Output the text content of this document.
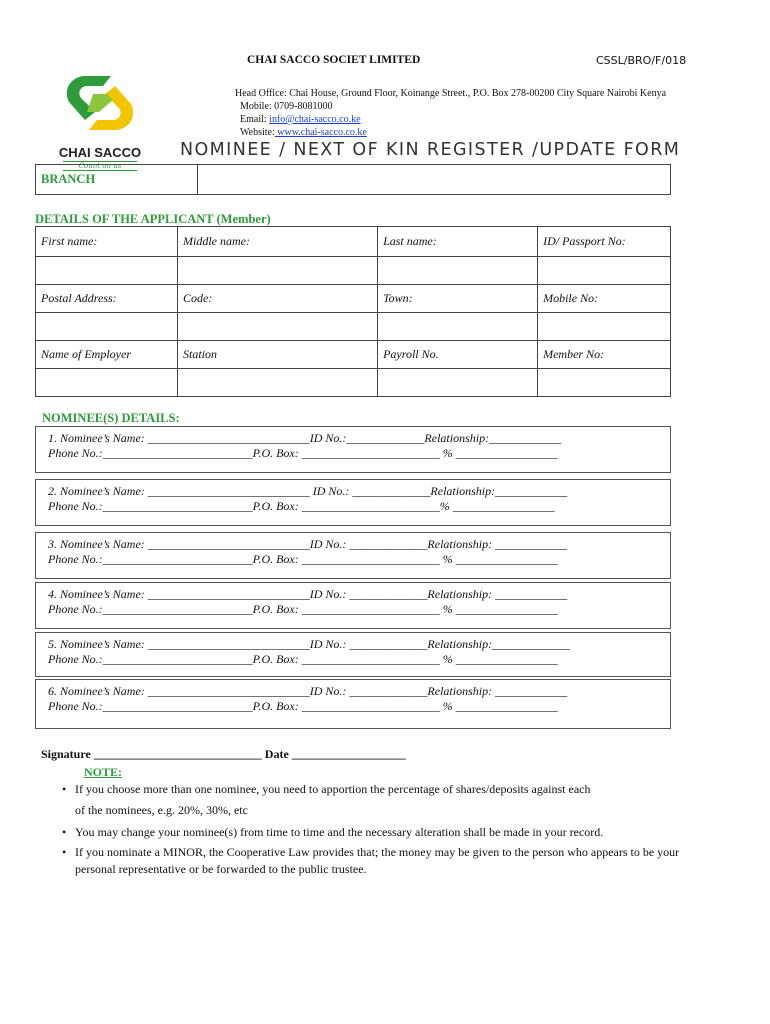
CHAI SACCO
Count on us
CHAI SACCO SOCIET LIMITED	CSSL/BRO/F/018
Head Office: Chai House, Ground Floor, Koinange Street., P.O. Box 278-00200 City Square Nairobi Kenya
Mobile: 0709-8081000
Email: info@chai-sacco.co.ke
Website: www.chai-sacco.co.ke
NOMINEE / NEXT OF KIN REGISTER /UPDATE FORM
BRANCH	
DETAILS OF THE APPLICANT (Member)
First name:	Middle name:	Last name:	ID/ Passport No:

Postal Address:	Code:	Town:	Mobile No:

Name of Employer	Station	Payroll No.	Member No:

NOMINEE(S) DETAILS:
1. Nominee’s Name: ___________________________ID No.:_____________Relationship:____________
Phone No.:_________________________P.O. Box: _______________________ % _________________
2. Nominee’s Name: ___________________________ ID No.: _____________Relationship:____________
Phone No.:_________________________P.O. Box: _______________________% _________________
3. Nominee’s Name: ___________________________ID No.: _____________Relationship: ____________
Phone No.:_________________________P.O. Box: _______________________ % _________________
4. Nominee’s Name: ___________________________ID No.: _____________Relationship: ____________
Phone No.:_________________________P.O. Box: _______________________ % _________________
5. Nominee’s Name: ___________________________ID No.: _____________Relationship:_____________
Phone No.:_________________________P.O. Box: _______________________ % _________________
6. Nominee’s Name: ___________________________ID No.: _____________Relationship: ____________
Phone No.:_________________________P.O. Box: _______________________ % _________________
Signature ____________________________ Date ___________________
NOTE:
• If you choose more than one nominee, you need to apportion the percentage of shares/deposits against each
of the nominees, e.g. 20%, 30%, etc
• You may change your nominee(s) from time to time and the necessary alteration shall be made in your record.
• If you nominate a MINOR, the Cooperative Law provides that; the money may be given to the person who appears to be your
personal representative or be forwarded to the public trustee.
